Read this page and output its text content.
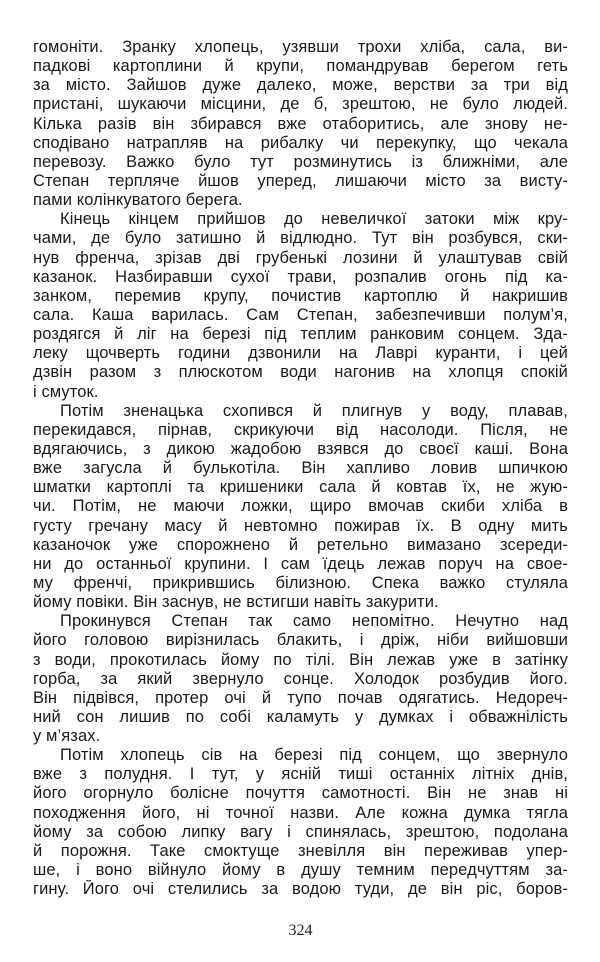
гомоніти. Зранку хлопець, узявши трохи хліба, сала, ви-
падкові картоплини й крупи, помандрував берегом геть
за місто. Зайшов дуже далеко, може, верстви за три від
пристані, шукаючи місцини, де б, зрештою, не було людей.
Кілька разів він збирався вже отаборитись, але знову не-
сподівано натрапляв на рибалку чи перекупку, що чекала
перевозу. Важко було тут розминутись із ближніми, але
Степан терпляче йшов уперед, лишаючи місто за висту-
пами колінкуватого берега.
Кінець кінцем прийшов до невеличкої затоки між кру-
чами, де було затишно й відлюдно. Тут він розбувся, ски-
нув френча, зрізав дві грубенькі лозини й улаштував свій
казанок. Назбиравши сухої трави, розпалив огонь під ка-
занком, перемив крупу, почистив картоплю й накришив
сала. Каша варилась. Сам Степан, забезпечивши полум’я,
роздягся й ліг на березі під теплим ранковим сонцем. Зда-
леку щочверть години дзвонили на Лаврі куранти, і цей
дзвін разом з плюскотом води нагонив на хлопця спокій
і смуток.
Потім зненацька схопився й плигнув у воду, плавав,
перекидався, пірнав, скрикуючи від насолоди. Після, не
вдягаючись, з дикою жадобою взявся до своєї каші. Вона
вже загусла й булькотіла. Він хапливо ловив шпичкою
шматки картоплі та кришеники сала й ковтав їх, не жую-
чи. Потім, не маючи ложки, щиро вмочав скиби хліба в
густу гречану масу й невтомно пожирав їх. В одну мить
казаночок уже спорожнено й ретельно вимазано зсереди-
ни до останньої крупини. І сам їдець лежав поруч на свое-
му френчі, прикрившись білизною. Спека важко стуляла
йому повіки. Він заснув, не встигши навіть закурити.
Прокинувся Степан так само непомітно. Нечутно над
його головою вирізнилась блакить, і дріж, ніби вийшовши
з води, прокотилась йому по тілі. Він лежав уже в затінку
горба, за який звернуло сонце. Холодок розбудив його.
Він підвівся, протер очі й тупо почав одягатись. Недореч-
ний сон лишив по собі каламуть у думках і обважнілість
у м’язах.
Потім хлопець сів на березі під сонцем, що звернуло
вже з полудня. І тут, у ясній тиші останніх літніх днів,
його огорнуло болісне почуття самотності. Він не знав ні
походження його, ні точної назви. Але кожна думка тягла
йому за собою липку вагу і спинялась, зрештою, подолана
й порожня. Таке смоктуще зневілля він переживав упер-
ше, і воно війнуло йому в душу темним передчуттям за-
гину. Його очі стелились за водою туди, де він ріс, боров-
324
